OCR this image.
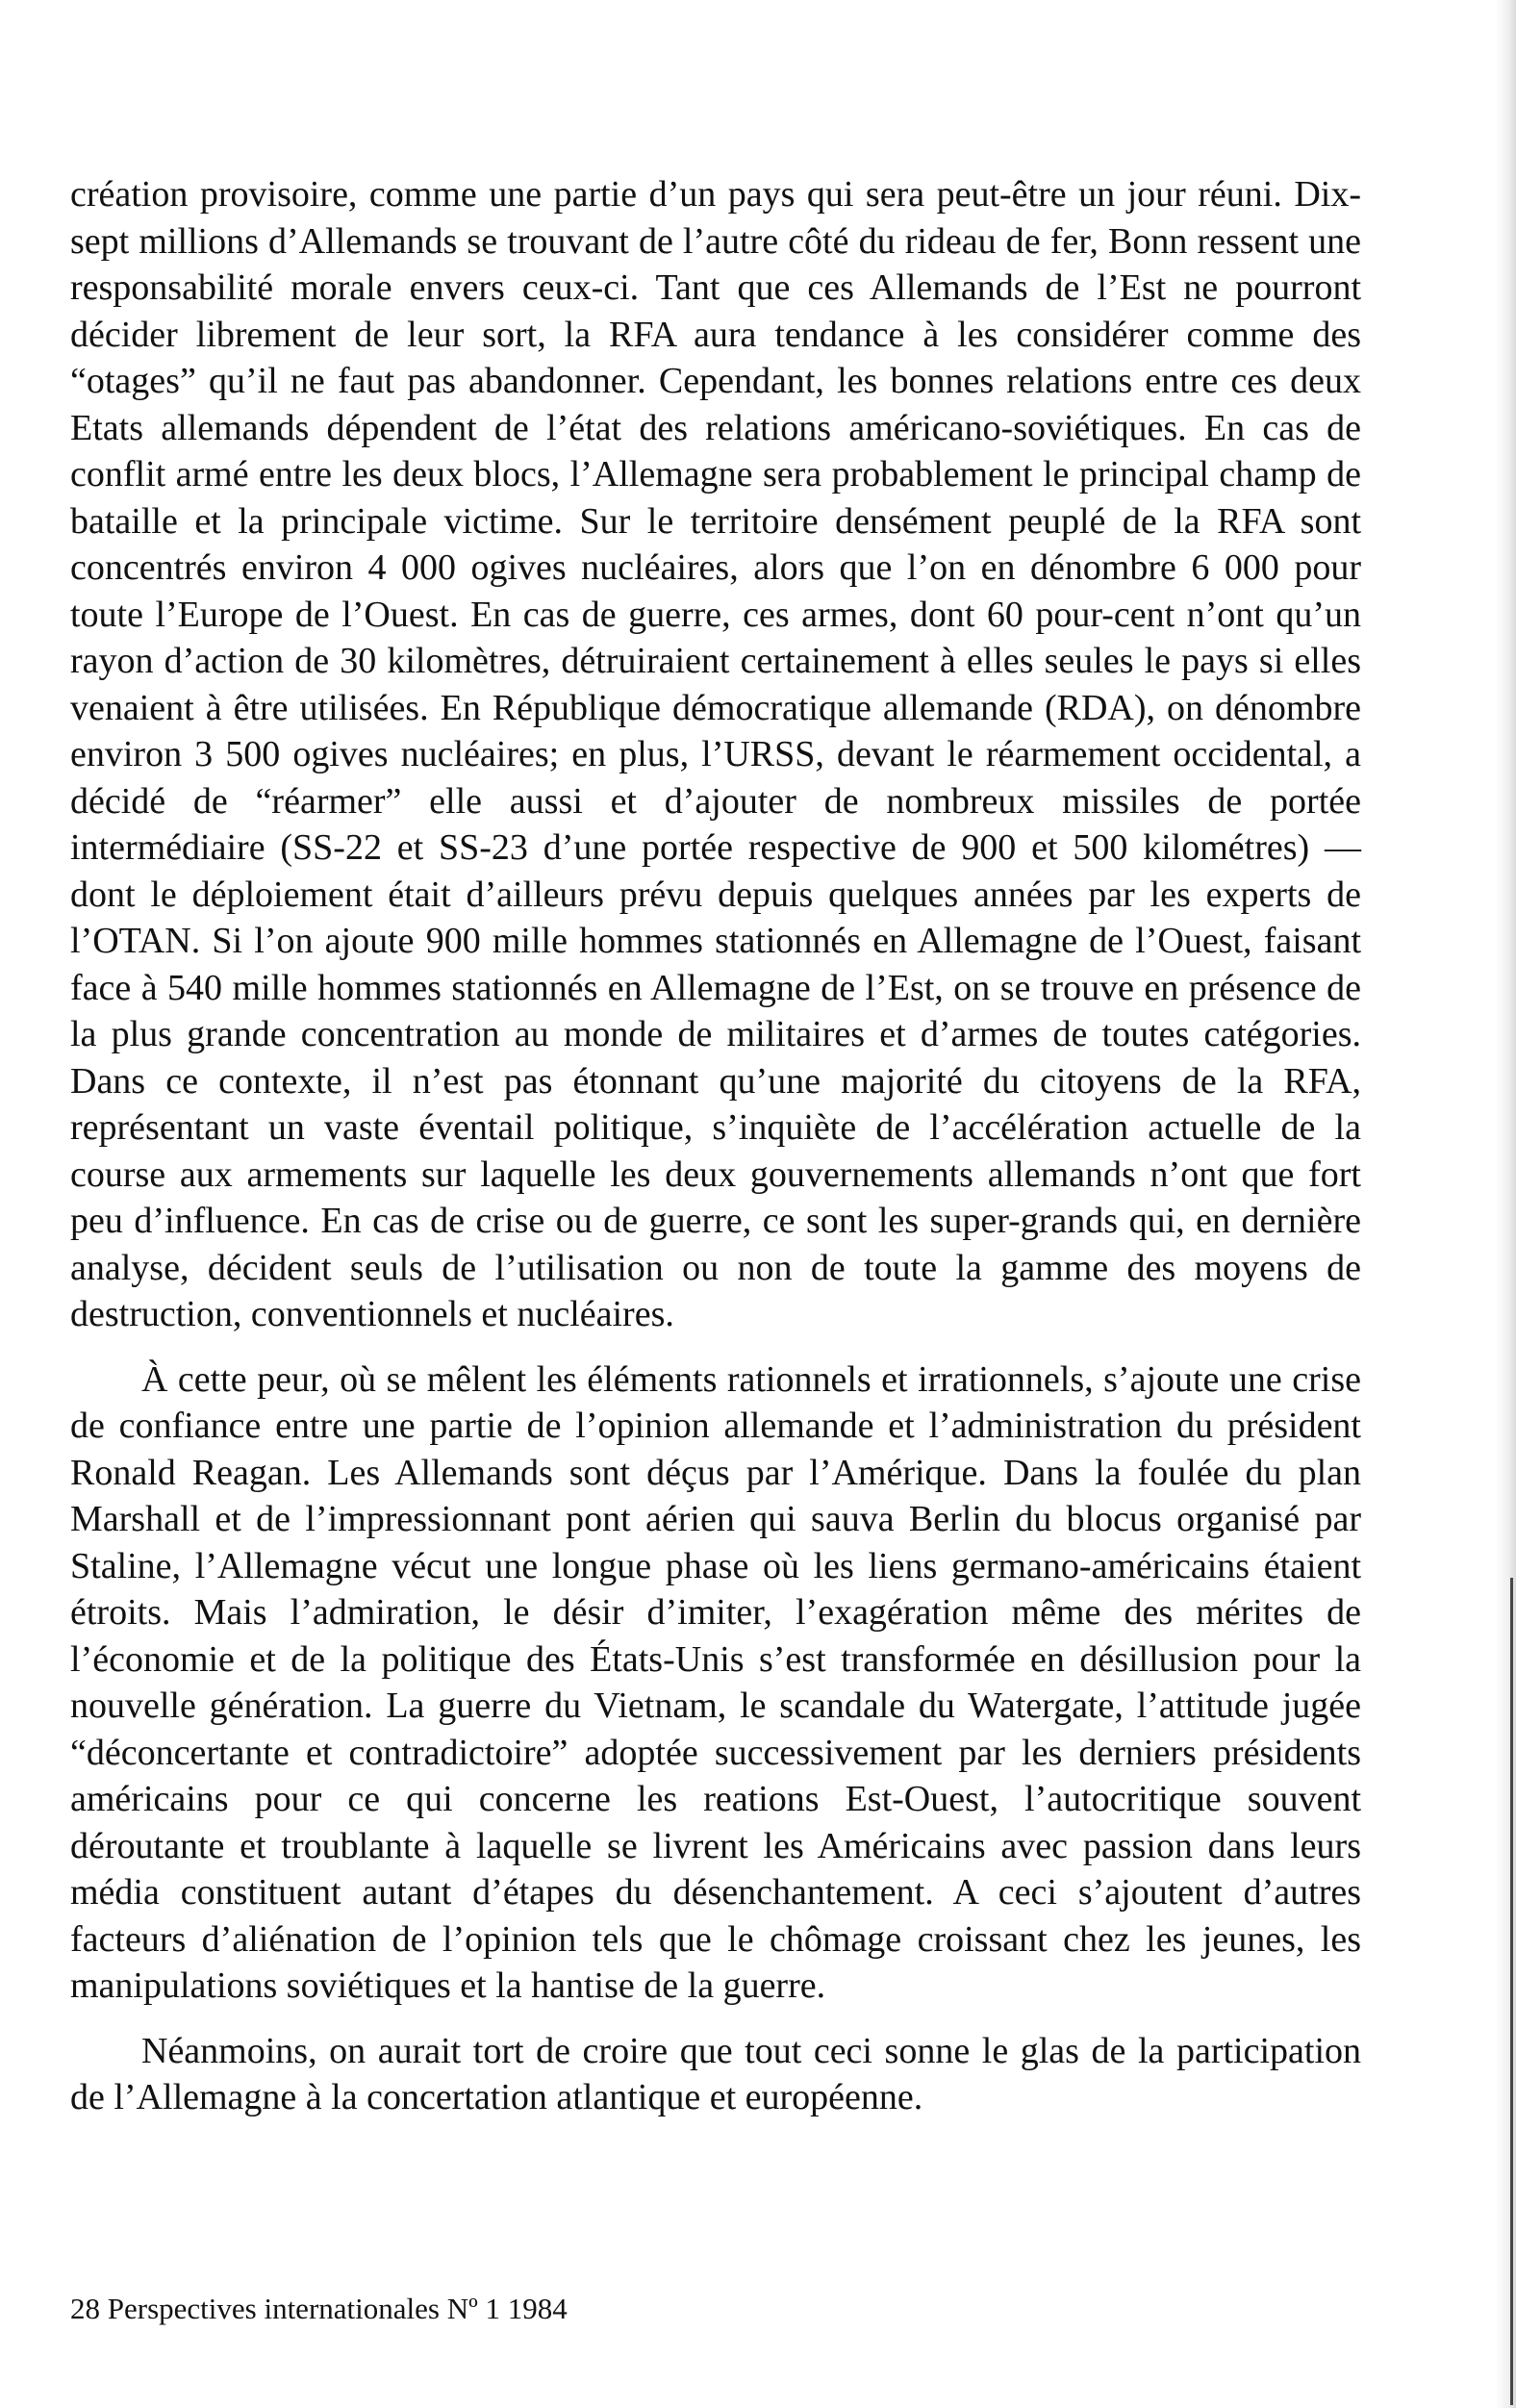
création provisoire, comme une partie d’un pays qui sera peut-être un jour réuni. Dix-sept millions d’Allemands se trouvant de l’autre côté du rideau de fer, Bonn ressent une responsabilité morale envers ceux-ci. Tant que ces Allemands de l’Est ne pourront décider librement de leur sort, la RFA aura tendance à les considérer comme des “otages” qu’il ne faut pas abandonner. Cependant, les bonnes relations entre ces deux Etats allemands dépendent de l’état des relations américano-soviétiques. En cas de conflit armé entre les deux blocs, l’Allemagne sera probablement le principal champ de bataille et la principale victime. Sur le territoire densément peuplé de la RFA sont concentrés environ 4 000 ogives nucléaires, alors que l’on en dénombre 6 000 pour toute l’Europe de l’Ouest. En cas de guerre, ces armes, dont 60 pour-cent n’ont qu’un rayon d’action de 30 kilomètres, détruiraient certainement à elles seules le pays si elles venaient à être utilisées. En République démocratique allemande (RDA), on dénombre environ 3 500 ogives nucléaires; en plus, l’URSS, devant le réarmement occidental, a décidé de “réarmer” elle aussi et d’ajouter de nombreux missiles de portée intermédiaire (SS-22 et SS-23 d’une portée respective de 900 et 500 kilométres) — dont le déploiement était d’ailleurs prévu depuis quelques années par les experts de l’OTAN. Si l’on ajoute 900 mille hommes stationnés en Allemagne de l’Ouest, faisant face à 540 mille hommes stationnés en Allemagne de l’Est, on se trouve en présence de la plus grande concentration au monde de militaires et d’armes de toutes catégories. Dans ce contexte, il n’est pas étonnant qu’une majorité du citoyens de la RFA, représentant un vaste éventail politique, s’inquiète de l’accélération actuelle de la course aux armements sur laquelle les deux gouvernements allemands n’ont que fort peu d’influence. En cas de crise ou de guerre, ce sont les super-grands qui, en dernière analyse, décident seuls de l’utilisation ou non de toute la gamme des moyens de destruction, conventionnels et nucléaires.

À cette peur, où se mêlent les éléments rationnels et irrationnels, s’ajoute une crise de confiance entre une partie de l’opinion allemande et l’administration du président Ronald Reagan. Les Allemands sont déçus par l’Amérique. Dans la foulée du plan Marshall et de l’impressionnant pont aérien qui sauva Berlin du blocus organisé par Staline, l’Allemagne vécut une longue phase où les liens germano-américains étaient étroits. Mais l’admiration, le désir d’imiter, l’exagération même des mérites de l’économie et de la politique des États-Unis s’est transformée en désillusion pour la nouvelle génération. La guerre du Vietnam, le scandale du Watergate, l’attitude jugée “déconcertante et contradictoire” adoptée successivement par les derniers présidents américains pour ce qui concerne les reations Est-Ouest, l’autocritique souvent déroutante et troublante à laquelle se livrent les Américains avec passion dans leurs média constituent autant d’étapes du désenchantement. A ceci s’ajoutent d’autres facteurs d’aliénation de l’opinion tels que le chômage croissant chez les jeunes, les manipulations soviétiques et la hantise de la guerre.

Néanmoins, on aurait tort de croire que tout ceci sonne le glas de la participation de l’Allemagne à la concertation atlantique et européenne.

28 Perspectives internationales Nº 1 1984
